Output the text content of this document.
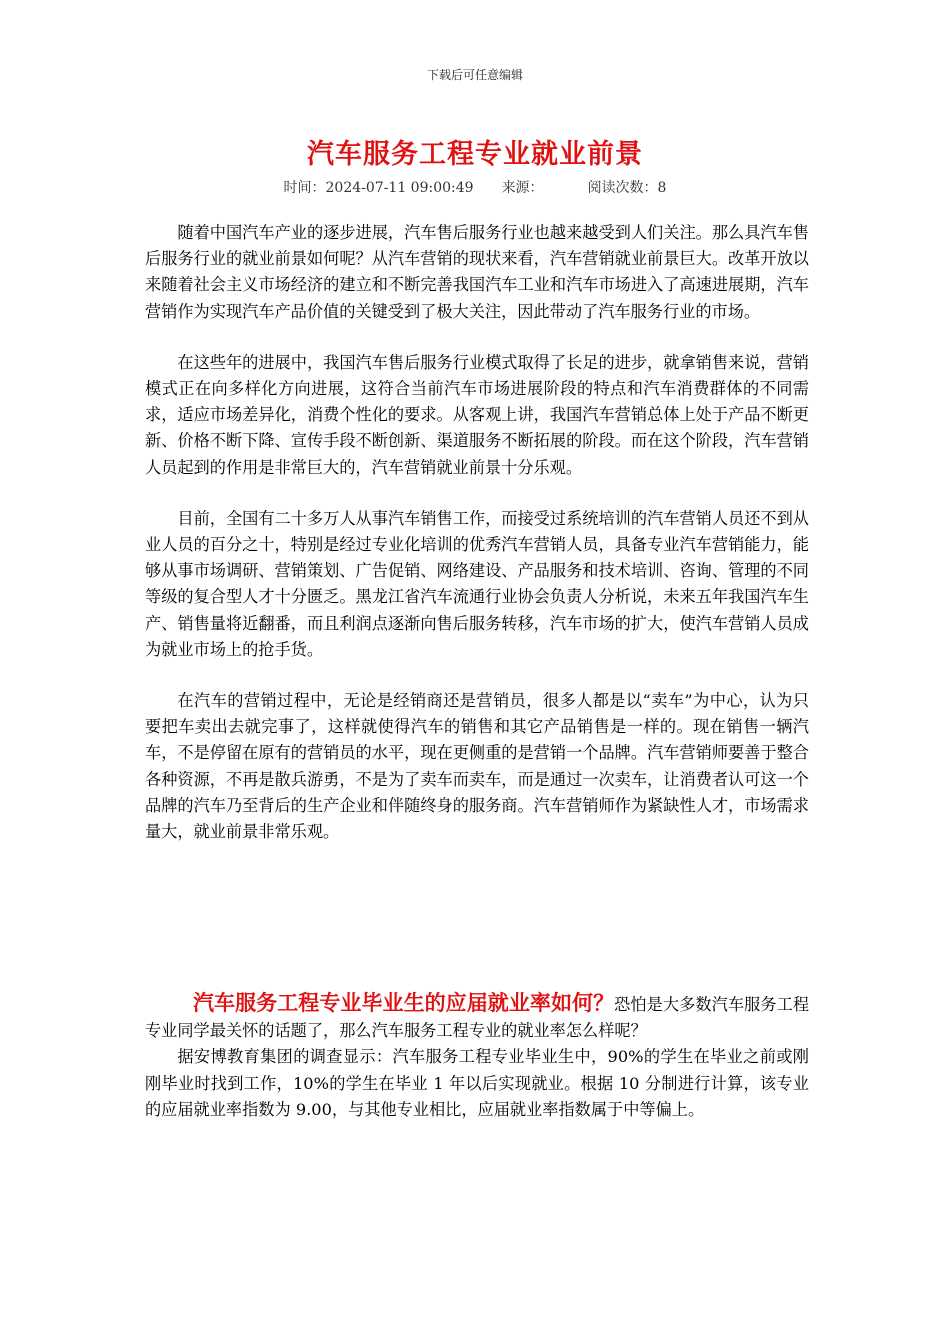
下载后可任意编辑
汽车服务工程专业就业前景
时间：2024-07-11 09:00:49 来源：	阅读次数：8

随着中国汽车产业的逐步进展，汽车售后服务行业也越来越受到人们关注。那么具汽车售后服务行业的就业前景如何呢？从汽车营销的现状来看，汽车营销就业前景巨大。改革开放以来随着社会主义市场经济的建立和不断完善我国汽车工业和汽车市场进入了高速进展期，汽车营销作为实现汽车产品价值的关键受到了极大关注，因此带动了汽车服务行业的市场。

在这些年的进展中，我国汽车售后服务行业模式取得了长足的进步，就拿销售来说，营销模式正在向多样化方向进展，这符合当前汽车市场进展阶段的特点和汽车消费群体的不同需求，适应市场差异化，消费个性化的要求。从客观上讲，我国汽车营销总体上处于产品不断更新、价格不断下降、宣传手段不断创新、渠道服务不断拓展的阶段。而在这个阶段，汽车营销人员起到的作用是非常巨大的，汽车营销就业前景十分乐观。

目前，全国有二十多万人从事汽车销售工作，而接受过系统培训的汽车营销人员还不到从业人员的百分之十，特别是经过专业化培训的优秀汽车营销人员，具备专业汽车营销能力，能够从事市场调研、营销策划、广告促销、网络建设、产品服务和技术培训、咨询、管理的不同等级的复合型人才十分匮乏。黑龙江省汽车流通行业协会负责人分析说，未来五年我国汽车生产、销售量将近翻番，而且利润点逐渐向售后服务转移，汽车市场的扩大，使汽车营销人员成为就业市场上的抢手货。

在汽车的营销过程中，无论是经销商还是营销员，很多人都是以“卖车”为中心，认为只要把车卖出去就完事了，这样就使得汽车的销售和其它产品销售是一样的。现在销售一辆汽车，不是停留在原有的营销员的水平，现在更侧重的是营销一个品牌。汽车营销师要善于整合各种资源，不再是散兵游勇，不是为了卖车而卖车，而是通过一次卖车，让消费者认可这一个品牌的汽车乃至背后的生产企业和伴随终身的服务商。汽车营销师作为紧缺性人才，市场需求量大，就业前景非常乐观。

汽车服务工程专业毕业生的应届就业率如何？恐怕是大多数汽车服务工程专业同学最关怀的话题了，那么汽车服务工程专业的就业率怎么样呢？

据安博教育集团的调查显示：汽车服务工程专业毕业生中，90%的学生在毕业之前或刚刚毕业时找到工作，10%的学生在毕业 1 年以后实现就业。根据 10 分制进行计算，该专业的应届就业率指数为 9.00，与其他专业相比，应届就业率指数属于中等偏上。
